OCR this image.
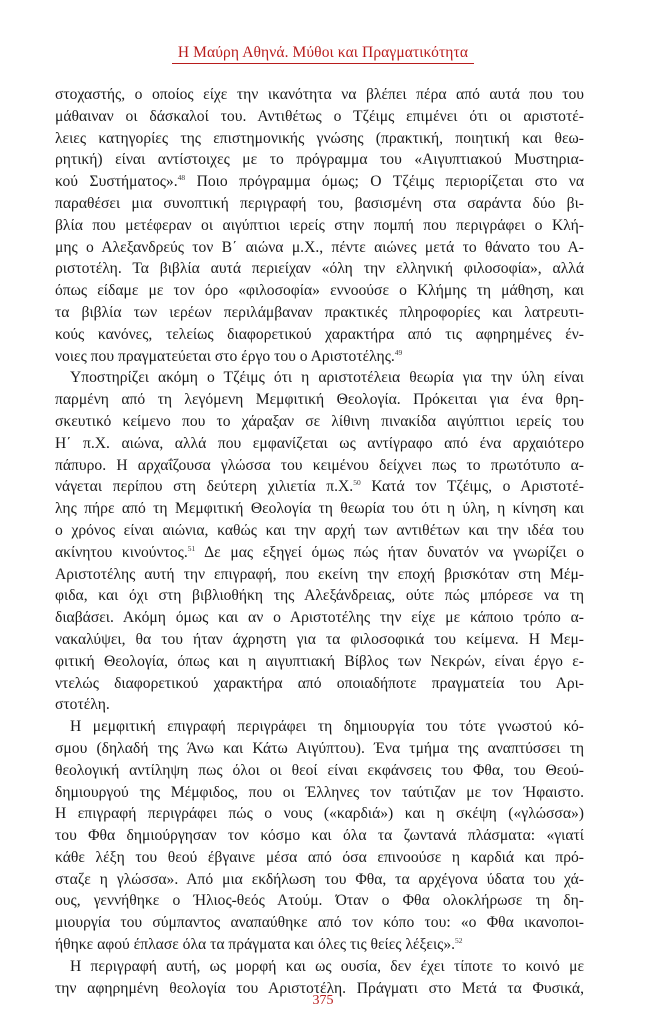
Η Μαύρη Αθηνά. Μύθοι και Πραγματικότητα

στοχαστής, ο οποίος είχε την ικανότητα να βλέπει πέρα από αυτά που του
μάθαιναν οι δάσκαλοί του. Αντιθέτως ο Τζέιμς επιμένει ότι οι αριστοτέ-
λειες κατηγορίες της επιστημονικής γνώσης (πρακτική, ποιητική και θεω-
ρητική) είναι αντίστοιχες με το πρόγραμμα του «Αιγυπτιακού Μυστηρια-
κού Συστήματος».$^{48}$ Ποιο πρόγραμμα όμως; Ο Τζέιμς περιορίζεται στο να
παραθέσει μια συνοπτική περιγραφή του, βασισμένη στα σαράντα δύο βι-
βλία που μετέφεραν οι αιγύπτιοι ιερείς στην πομπή που περιγράφει ο Κλή-
μης ο Αλεξανδρεύς τον Β΄ αιώνα μ.Χ., πέντε αιώνες μετά το θάνατο του Α-
ριστοτέλη. Τα βιβλία αυτά περιείχαν «όλη την ελληνική φιλοσοφία», αλλά
όπως είδαμε με τον όρο «φιλοσοφία» εννοούσε ο Κλήμης τη μάθηση, και
τα βιβλία των ιερέων περιλάμβαναν πρακτικές πληροφορίες και λατρευτι-
κούς κανόνες, τελείως διαφορετικού χαρακτήρα από τις αφηρημένες έν-
νοιες που πραγματεύεται στο έργο του ο Αριστοτέλης.$^{49}$

Υποστηρίζει ακόμη ο Τζέιμς ότι η αριστοτέλεια θεωρία για την ύλη είναι
παρμένη από τη λεγόμενη Μεμφιτική Θεολογία. Πρόκειται για ένα θρη-
σκευτικό κείμενο που το χάραξαν σε λίθινη πινακίδα αιγύπτιοι ιερείς του
Η΄ π.Χ. αιώνα, αλλά που εμφανίζεται ως αντίγραφο από ένα αρχαιότερο
πάπυρο. Η αρχαΐζουσα γλώσσα του κειμένου δείχνει πως το πρωτότυπο α-
νάγεται περίπου στη δεύτερη χιλιετία π.Χ.$^{50}$ Κατά τον Τζέιμς, ο Αριστοτέ-
λης πήρε από τη Μεμφιτική Θεολογία τη θεωρία του ότι η ύλη, η κίνηση και
ο χρόνος είναι αιώνια, καθώς και την αρχή των αντιθέτων και την ιδέα του
ακίνητου κινούντος.$^{51}$ Δε μας εξηγεί όμως πώς ήταν δυνατόν να γνωρίζει ο
Αριστοτέλης αυτή την επιγραφή, που εκείνη την εποχή βρισκόταν στη Μέμ-
φιδα, και όχι στη βιβλιοθήκη της Αλεξάνδρειας, ούτε πώς μπόρεσε να τη
διαβάσει. Ακόμη όμως και αν ο Αριστοτέλης την είχε με κάποιο τρόπο α-
νακαλύψει, θα του ήταν άχρηστη για τα φιλοσοφικά του κείμενα. Η Μεμ-
φιτική Θεολογία, όπως και η αιγυπτιακή Βίβλος των Νεκρών, είναι έργο ε-
ντελώς διαφορετικού χαρακτήρα από οποιαδήποτε πραγματεία του Αρι-
στοτέλη.

Η μεμφιτική επιγραφή περιγράφει τη δημιουργία του τότε γνωστού κό-
σμου (δηλαδή της Άνω και Κάτω Αιγύπτου). Ένα τμήμα της αναπτύσσει τη
θεολογική αντίληψη πως όλοι οι θεοί είναι εκφάνσεις του Φθα, του Θεού-
δημιουργού της Μέμφιδος, που οι Έλληνες τον ταύτιζαν με τον Ήφαιστο.
Η επιγραφή περιγράφει πώς ο νους («καρδιά») και η σκέψη («γλώσσα»)
του Φθα δημιούργησαν τον κόσμο και όλα τα ζωντανά πλάσματα: «γιατί
κάθε λέξη του θεού έβγαινε μέσα από όσα επινοούσε η καρδιά και πρό-
σταζε η γλώσσα». Από μια εκδήλωση του Φθα, τα αρχέγονα ύδατα του χά-
ους, γεννήθηκε ο Ήλιος-θεός Ατούμ. Όταν ο Φθα ολοκλήρωσε τη δη-
μιουργία του σύμπαντος αναπαύθηκε από τον κόπο του: «ο Φθα ικανοποι-
ήθηκε αφού έπλασε όλα τα πράγματα και όλες τις θείες λέξεις».$^{52}$

Η περιγραφή αυτή, ως μορφή και ως ουσία, δεν έχει τίποτε το κοινό με
την αφηρημένη θεολογία του Αριστοτέλη. Πράγματι στο Μετά τα Φυσικά,

375
